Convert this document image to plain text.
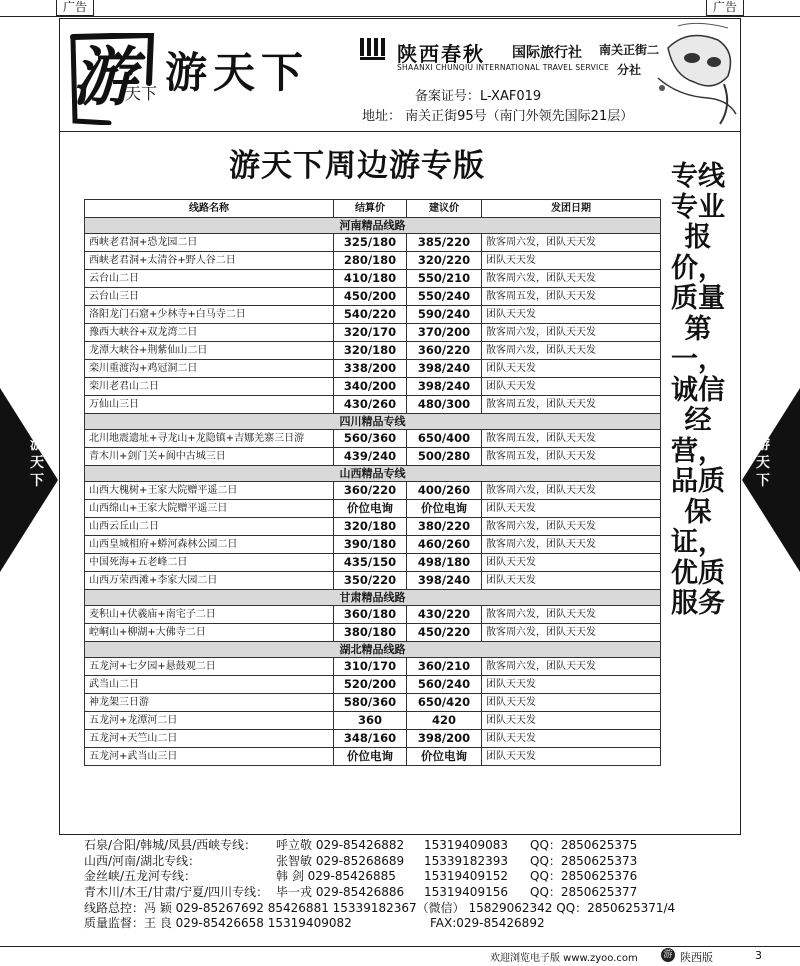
广告	广告
游
天下 游天下	陕西春秋 国际旅行社
SHAANXI CHUNQIU INTERNATIONAL TRAVEL SERVICE
南关正街二分社
备案证号：L-XAF019
地址： 南关正街95号（南门外领先国际21层）
游天下周边游专版
线路名称	结算价	建议价	发团日期
河南精品线路			
西峡老君洞+恐龙园二日	325/180	385/220	散客周六发，团队天天发
西峡老君洞+太清谷+野人谷二日	280/180	320/220	团队天天发
云台山二日	410/180	550/210	散客周六发，团队天天发
云台山三日	450/200	550/240	散客周五发，团队天天发
洛阳龙门石窟+少林寺+白马寺二日	540/220	590/240	团队天天发
豫西大峡谷+双龙湾二日	320/170	370/200	散客周六发，团队天天发
龙潭大峡谷+荆紫仙山二日	320/180	360/220	散客周六发，团队天天发
栾川重渡沟+鸡冠洞二日	338/200	398/240	团队天天发
栾川老君山二日	340/200	398/240	团队天天发
万仙山三日	430/260	480/300	散客周五发，团队天天发
四川精品专线			
北川地震遗址+寻龙山+龙隐镇+吉娜羌寨三日游	560/360	650/400	散客周五发，团队天天发
青木川+剑门关+阆中古城三日	439/240	500/280	散客周五发，团队天天发
山西精品专线			
山西大槐树+王家大院赠平遥二日	360/220	400/260	散客周六发，团队天天发
山西绵山+王家大院赠平遥三日	价位电询	价位电询	团队天天发
山西云丘山二日	320/180	380/220	散客周六发，团队天天发
山西皇城相府+蟒河森林公园二日	390/180	460/260	散客周六发，团队天天发
中国死海+五老峰二日	435/150	498/180	团队天天发
山西万荣西滩+李家大园二日	350/220	398/240	团队天天发
甘肃精品线路			
麦积山+伏羲庙+南宅子二日	360/180	430/220	散客周六发，团队天天发
崆峒山+柳湖+大佛寺二日	380/180	450/220	散客周六发，团队天天发
湖北精品线路			
五龙河+七夕园+悬鼓观二日	310/170	360/210	散客周六发，团队天天发
武当山二日	520/200	560/240	团队天天发
神龙架三日游	580/360	650/420	团队天天发
五龙河+龙潭河二日	360	420	团队天天发
五龙河+天竺山二日	348/160	398/200	团队天天发
五龙河+武当山三日	价位电询	价位电询	团队天天发
专线专业报价，质量第一，诚信经营，品质保证，优质服务
游天下
游天下
石泉/合阳/韩城/凤县/西峡专线： 呼立敬 029-85426882 15319409083 QQ：2850625375
山西/河南/湖北专线：	张智敏 029-85268689 15339182393 QQ：2850625373
金丝峡/五龙河专线：	韩 剑 029-85426885 15319409152 QQ：2850625376
青木川/木王/甘肃/宁夏/四川专线： 毕一戎 029-85426886 15319409156 QQ：2850625377
线路总控：冯 颖 029-85267692 85426881 15339182367（微信） 15829062342 QQ：2850625371/4
质量监督：王 良 029-85426658 15319409082	FAX:029-85426892
欢迎浏览电子版 www.zyoo.com	游 陕西版	3
